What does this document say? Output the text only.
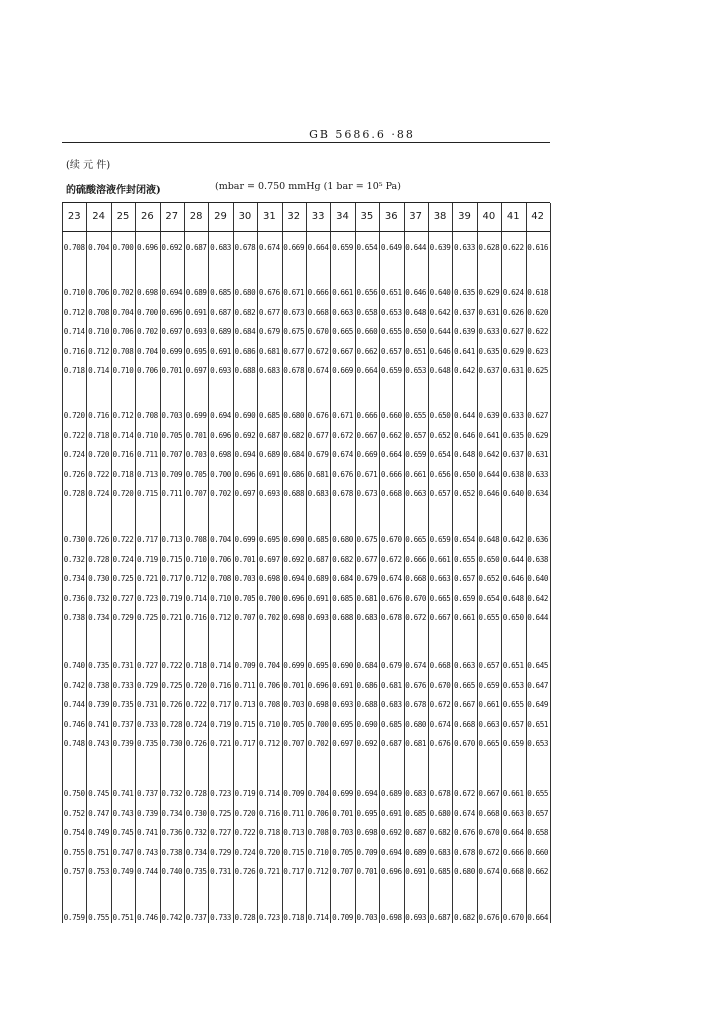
GB 5686.6 ·88
(续 元 件)
的硫酸溶液作封闭液)	(mbar = 0.750 mmHg (1 bar = 10⁵ Pa)
23	24	25	26	27	28	29	30	31	32	33	34	35	36	37	38	39	40	41	42
0.708 0.704 0.700 0.696 0.692 0.687 0.683 0.678 0.674 0.669 0.664 0.659 0.654 0.649 0.644 0.639 0.633 0.628 0.622 0.616
0.710 0.706 0.702 0.698 0.694 0.689 0.685 0.680 0.676 0.671 0.666 0.661 0.656 0.651 0.646 0.640 0.635 0.629 0.624 0.618
0.712 0.708 0.704 0.700 0.696 0.691 0.687 0.682 0.677 0.673 0.668 0.663 0.658 0.653 0.648 0.642 0.637 0.631 0.626 0.620
0.714 0.710 0.706 0.702 0.697 0.693 0.689 0.684 0.679 0.675 0.670 0.665 0.660 0.655 0.650 0.644 0.639 0.633 0.627 0.622
0.716 0.712 0.708 0.704 0.699 0.695 0.691 0.686 0.681 0.677 0.672 0.667 0.662 0.657 0.651 0.646 0.641 0.635 0.629 0.623
0.718 0.714 0.710 0.706 0.701 0.697 0.693 0.688 0.683 0.678 0.674 0.669 0.664 0.659 0.653 0.648 0.642 0.637 0.631 0.625
0.720 0.716 0.712 0.708 0.703 0.699 0.694 0.690 0.685 0.680 0.676 0.671 0.666 0.660 0.655 0.650 0.644 0.639 0.633 0.627
0.722 0.718 0.714 0.710 0.705 0.701 0.696 0.692 0.687 0.682 0.677 0.672 0.667 0.662 0.657 0.652 0.646 0.641 0.635 0.629
0.724 0.720 0.716 0.711 0.707 0.703 0.698 0.694 0.689 0.684 0.679 0.674 0.669 0.664 0.659 0.654 0.648 0.642 0.637 0.631
0.726 0.722 0.718 0.713 0.709 0.705 0.700 0.696 0.691 0.686 0.681 0.676 0.671 0.666 0.661 0.656 0.650 0.644 0.638 0.633
0.728 0.724 0.720 0.715 0.711 0.707 0.702 0.697 0.693 0.688 0.683 0.678 0.673 0.668 0.663 0.657 0.652 0.646 0.640 0.634
0.730 0.726 0.722 0.717 0.713 0.708 0.704 0.699 0.695 0.690 0.685 0.680 0.675 0.670 0.665 0.659 0.654 0.648 0.642 0.636
0.732 0.728 0.724 0.719 0.715 0.710 0.706 0.701 0.697 0.692 0.687 0.682 0.677 0.672 0.666 0.661 0.655 0.650 0.644 0.638
0.734 0.730 0.725 0.721 0.717 0.712 0.708 0.703 0.698 0.694 0.689 0.684 0.679 0.674 0.668 0.663 0.657 0.652 0.646 0.640
0.736 0.732 0.727 0.723 0.719 0.714 0.710 0.705 0.700 0.696 0.691 0.685 0.681 0.676 0.670 0.665 0.659 0.654 0.648 0.642
0.738 0.734 0.729 0.725 0.721 0.716 0.712 0.707 0.702 0.698 0.693 0.688 0.683 0.678 0.672 0.667 0.661 0.655 0.650 0.644
0.740 0.735 0.731 0.727 0.722 0.718 0.714 0.709 0.704 0.699 0.695 0.690 0.684 0.679 0.674 0.668 0.663 0.657 0.651 0.645
0.742 0.738 0.733 0.729 0.725 0.720 0.716 0.711 0.706 0.701 0.696 0.691 0.686 0.681 0.676 0.670 0.665 0.659 0.653 0.647
0.744 0.739 0.735 0.731 0.726 0.722 0.717 0.713 0.708 0.703 0.698 0.693 0.688 0.683 0.678 0.672 0.667 0.661 0.655 0.649
0.746 0.741 0.737 0.733 0.728 0.724 0.719 0.715 0.710 0.705 0.700 0.695 0.690 0.685 0.680 0.674 0.668 0.663 0.657 0.651
0.748 0.743 0.739 0.735 0.730 0.726 0.721 0.717 0.712 0.707 0.702 0.697 0.692 0.687 0.681 0.676 0.670 0.665 0.659 0.653
0.750 0.745 0.741 0.737 0.732 0.728 0.723 0.719 0.714 0.709 0.704 0.699 0.694 0.689 0.683 0.678 0.672 0.667 0.661 0.655
0.752 0.747 0.743 0.739 0.734 0.730 0.725 0.720 0.716 0.711 0.706 0.701 0.695 0.691 0.685 0.680 0.674 0.668 0.663 0.657
0.754 0.749 0.745 0.741 0.736 0.732 0.727 0.722 0.718 0.713 0.708 0.703 0.698 0.692 0.687 0.682 0.676 0.670 0.664 0.658
0.755 0.751 0.747 0.743 0.738 0.734 0.729 0.724 0.720 0.715 0.710 0.705 0.709 0.694 0.689 0.683 0.678 0.672 0.666 0.660
0.757 0.753 0.749 0.744 0.740 0.735 0.731 0.726 0.721 0.717 0.712 0.707 0.701 0.696 0.691 0.685 0.680 0.674 0.668 0.662
0.759 0.755 0.751 0.746 0.742 0.737 0.733 0.728 0.723 0.718 0.714 0.709 0.703 0.698 0.693 0.687 0.682 0.676 0.670 0.664
